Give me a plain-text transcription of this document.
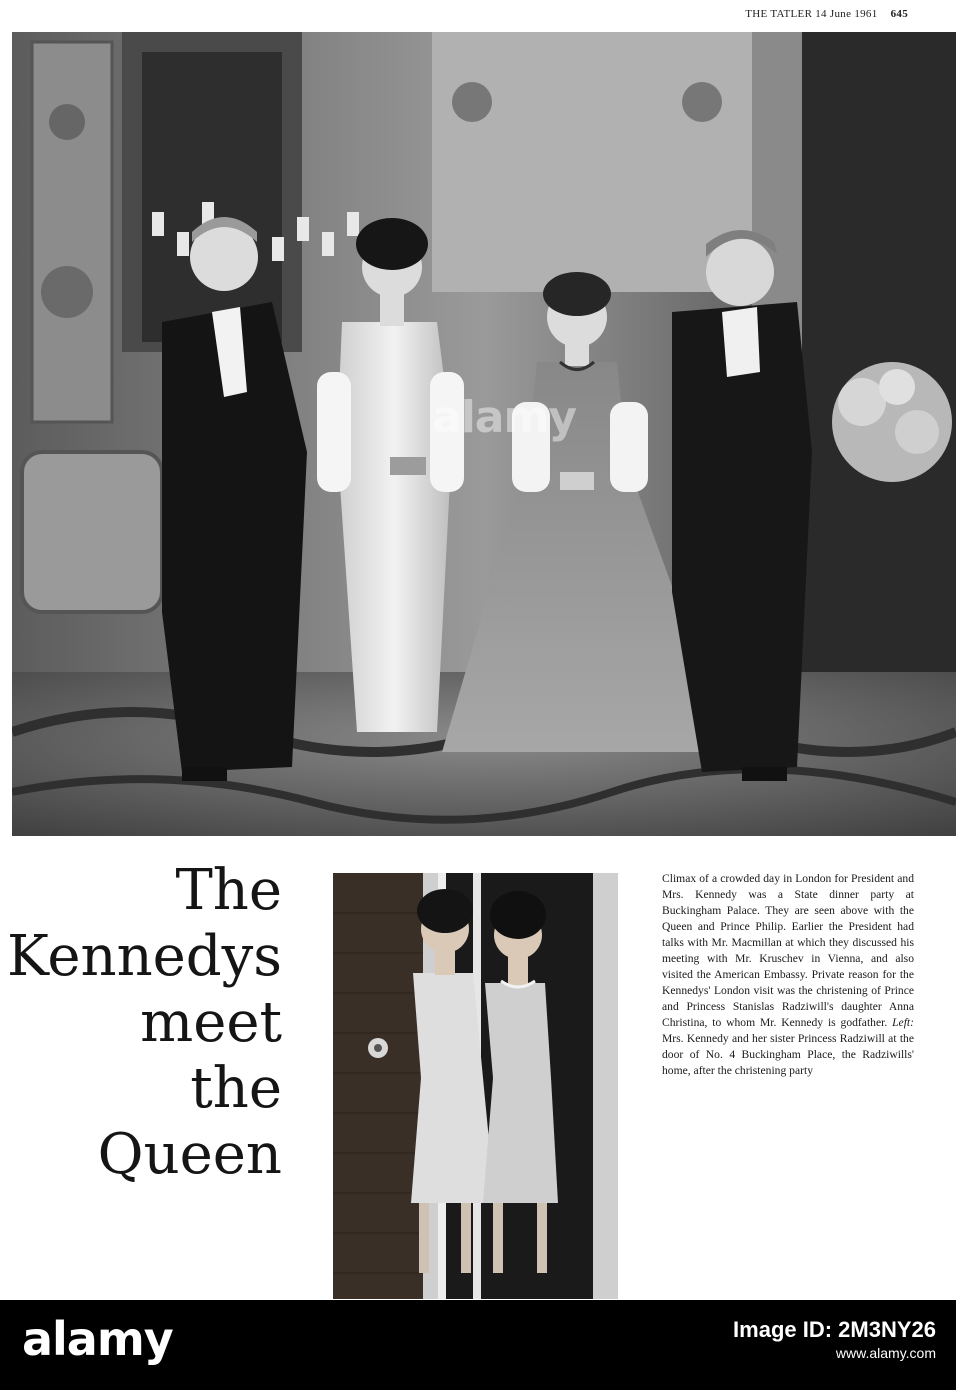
THE TATLER 14 June 1961 645
alamy
The
Kennedys
meet
the
Queen
Climax of a crowded day in London for President and Mrs. Kennedy was a State dinner party at Buckingham Palace. They are seen above with the Queen and Prince Philip. Earlier the President had talks with Mr. Macmillan at which they discussed his meeting with Mr. Kruschev in Vienna, and also visited the American Embassy. Private reason for the Kennedys' London visit was the christening of Prince and Princess Stanislas Radziwill's daughter Anna Christina, to whom Mr. Kennedy is godfather. Left: Mrs. Kennedy and her sister Princess Radziwill at the door of No. 4 Buckingham Place, the Radziwills' home, after the christening party
alamy	Image ID: 2M3NY26
www.alamy.com
